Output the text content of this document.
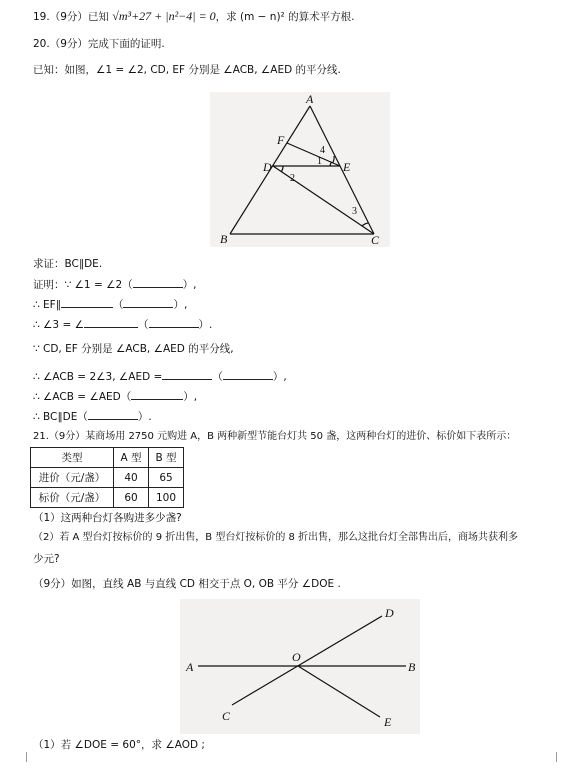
19.（9分）已知 √m³+27 + |n²−4| = 0，求 (m − n)² 的算术平方根.
20.（9分）完成下面的证明.
已知：如图，∠1 = ∠2, CD, EF 分别是 ∠ACB, ∠AED 的平分线.
A
B	C
D	E
F
1
2
3
4
求证：BC∥DE.
证明：∵ ∠1 = ∠2（	）,
∴ EF∥	（	）,
∴ ∠3 = ∠	（	）.
∵ CD, EF 分别是 ∠ACB, ∠AED 的平分线,
∴ ∠ACB = 2∠3, ∠AED =	（	）,
∴ ∠ACB = ∠AED（	）,
∴ BC∥DE（	）.
21.（9分）某商场用 2750 元购进 A，B 两种新型节能台灯共 50 盏，这两种台灯的进价、标价如下表所示：
类型	A 型	B 型
进价（元/盏）	40	65
标价（元/盏）	60	100
（1）这两种台灯各购进多少盏?
（2）若 A 型台灯按标价的 9 折出售，B 型台灯按标价的 8 折出售，那么这批台灯全部售出后，商场共获利多
少元?
（9分）如图，直线 AB 与直线 CD 相交于点 O, OB 平分 ∠DOE .
A	B
C
D
E
O
（1）若 ∠DOE = 60°，求 ∠AOD ;
